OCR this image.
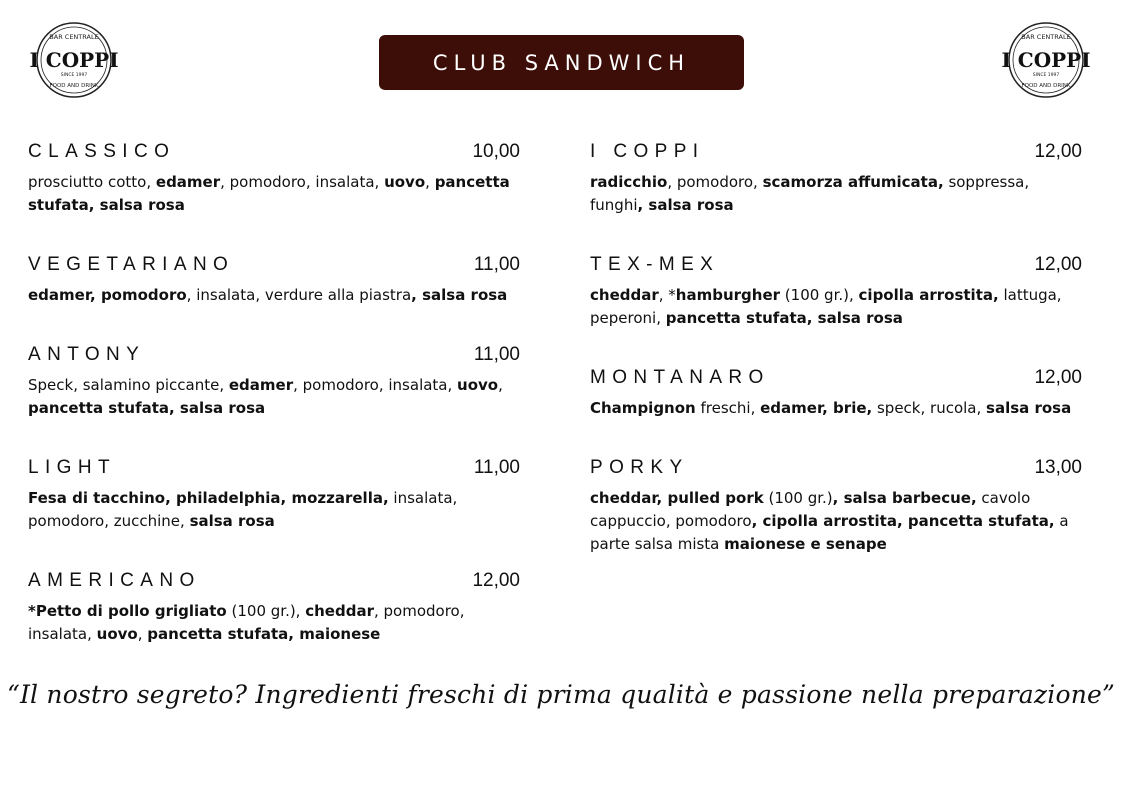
BAR CENTRALE
I COPPI
SINCE 1997
FOOD AND DRINK
BAR CENTRALE
I COPPI
SINCE 1997
FOOD AND DRINK
CLUB SANDWICH
CLASSICO	10,00
prosciutto cotto, edamer, pomodoro, insalata, uovo, pancetta stufata, salsa rosa
VEGETARIANO	11,00
edamer, pomodoro, insalata, verdure alla piastra, salsa rosa
ANTONY	11,00
Speck, salamino piccante, edamer, pomodoro, insalata, uovo, pancetta stufata, salsa rosa
LIGHT	11,00
Fesa di tacchino, philadelphia, mozzarella, insalata, pomodoro, zucchine, salsa rosa
AMERICANO	12,00
*Petto di pollo grigliato (100 gr.), cheddar, pomodoro, insalata, uovo, pancetta stufata, maionese
I COPPI	12,00
radicchio, pomodoro, scamorza affumicata, soppressa, funghi, salsa rosa
TEX-MEX	12,00
cheddar, *hamburgher (100 gr.), cipolla arrostita, lattuga, peperoni, pancetta stufata, salsa rosa
MONTANARO	12,00
Champignon freschi, edamer, brie, speck, rucola, salsa rosa
PORKY	13,00
cheddar, pulled pork (100 gr.), salsa barbecue, cavolo cappuccio, pomodoro, cipolla arrostita, pancetta stufata, a parte salsa mista maionese e senape
“Il nostro segreto? Ingredienti freschi di prima qualità e passione nella preparazione”
